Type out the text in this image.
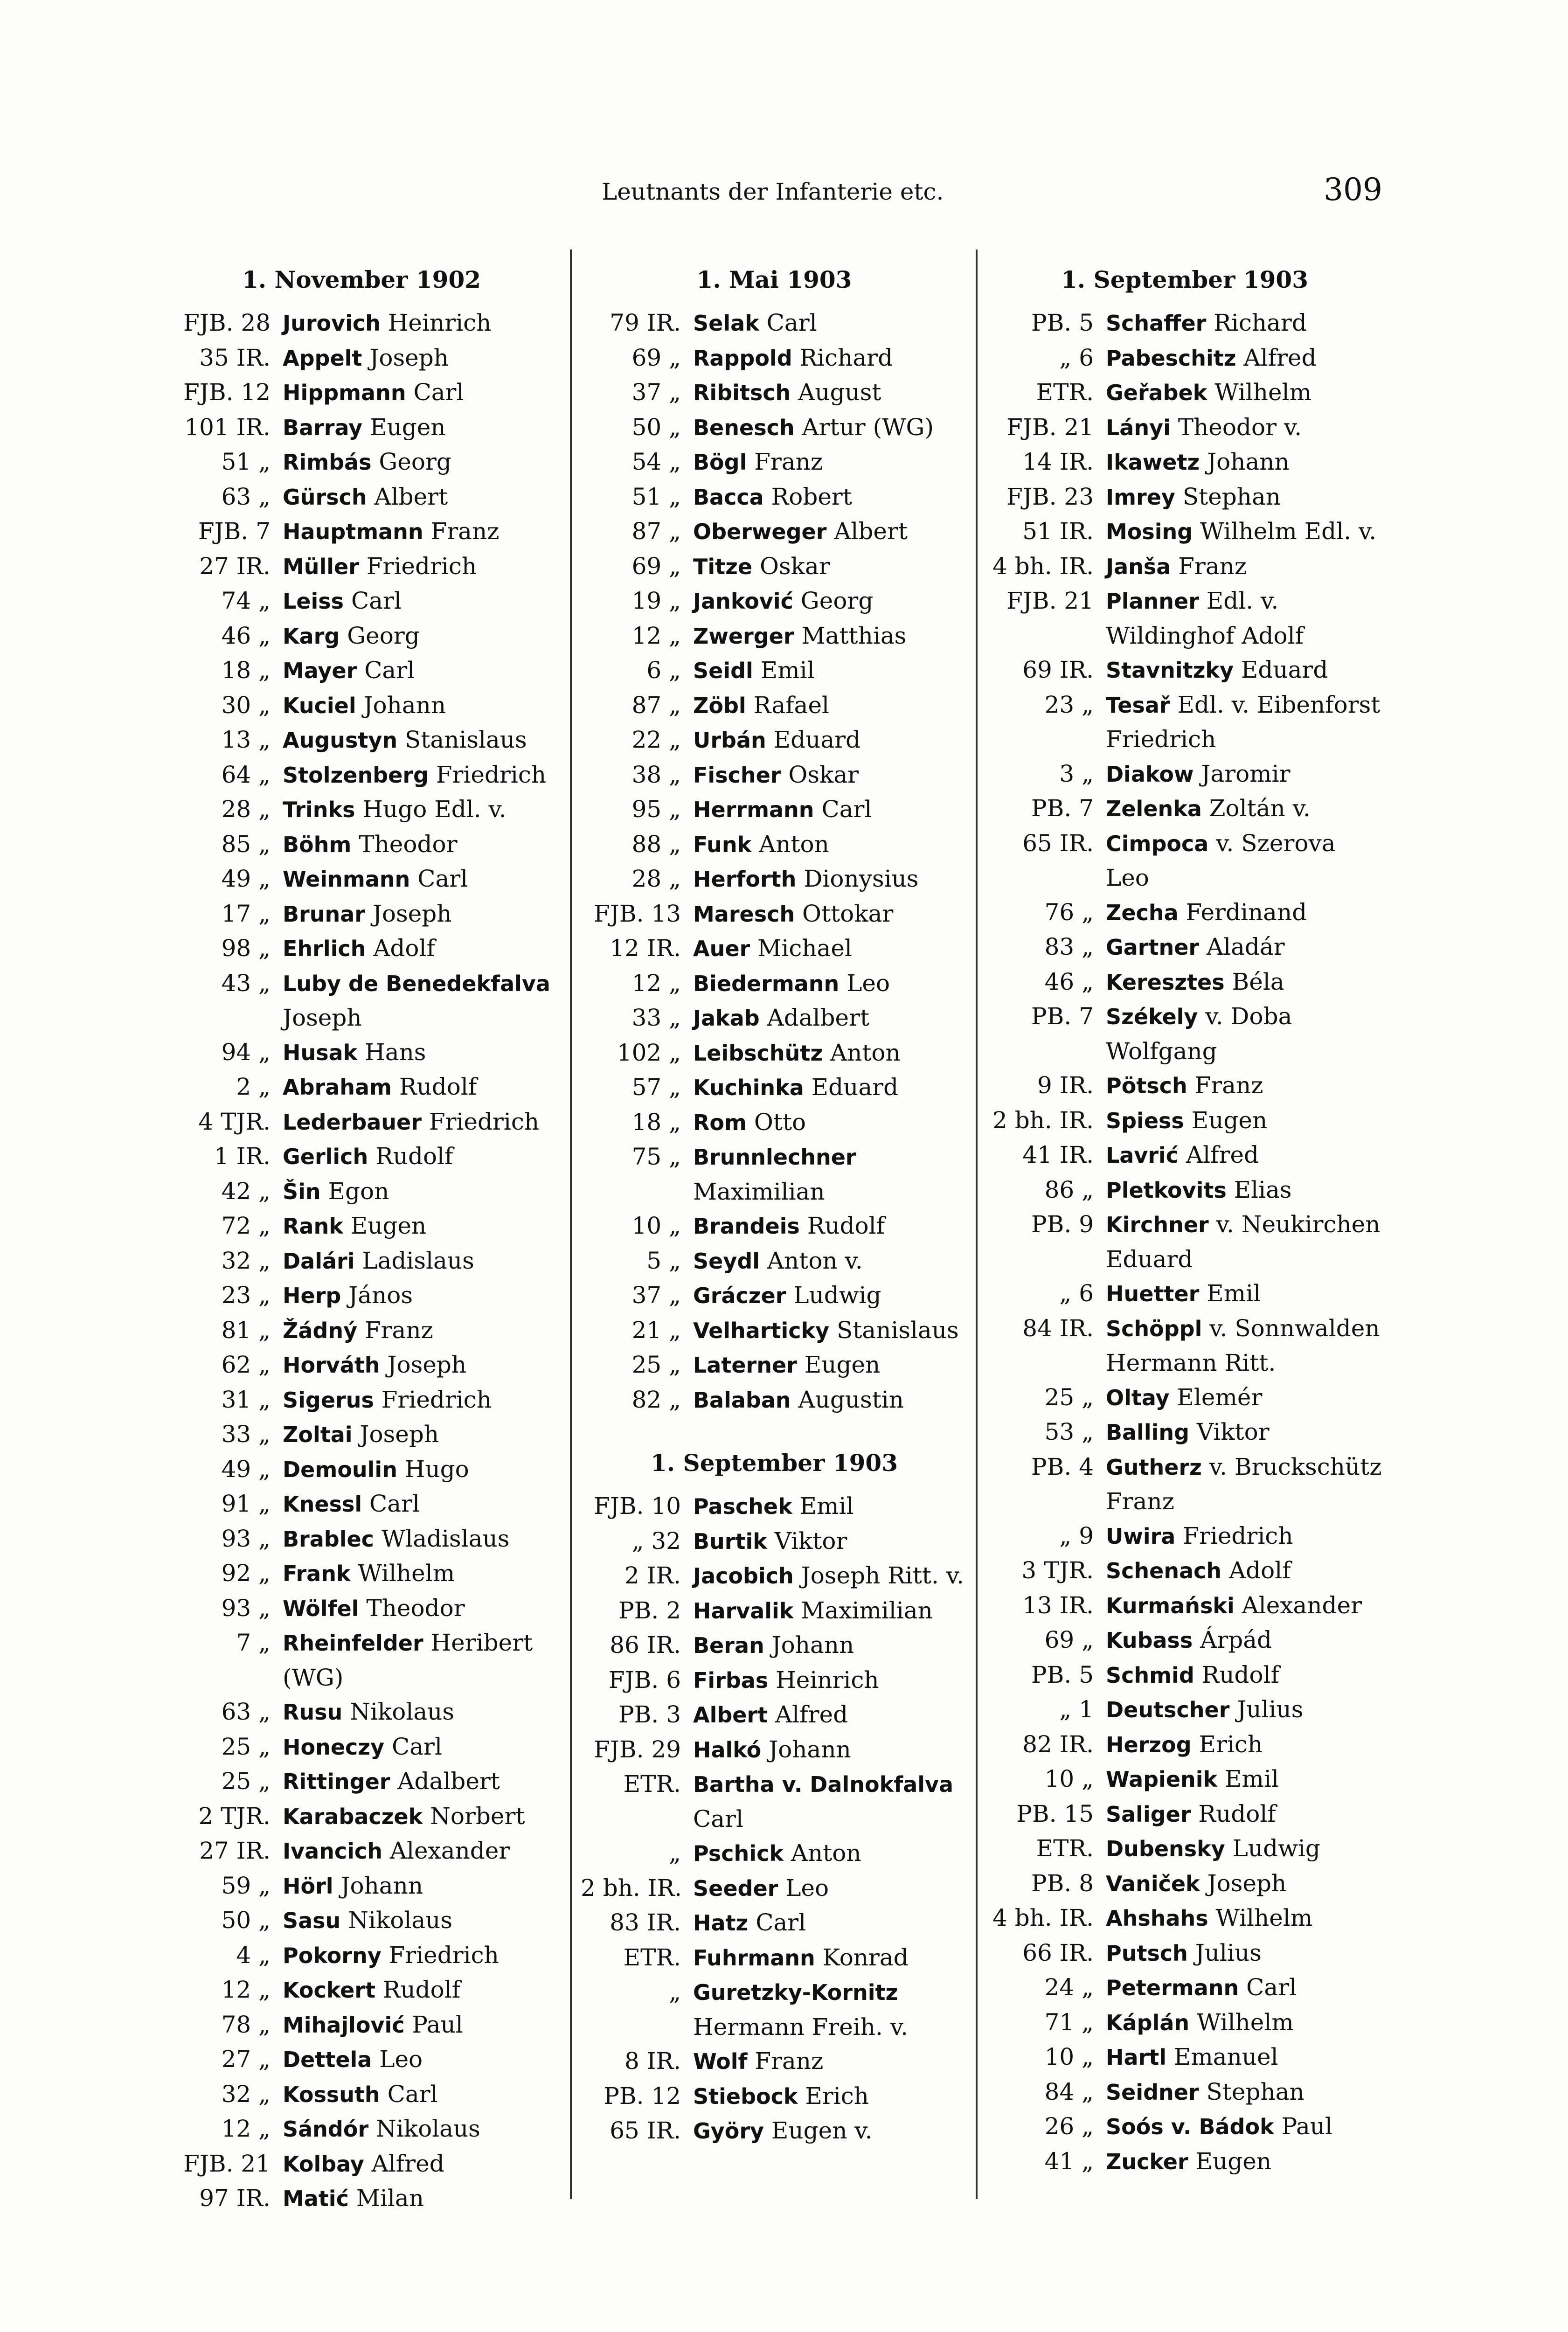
Leutnants der Infanterie etc.	309
1. November 1902
FJB. 28 Jurovich Heinrich
35 IR. Appelt Joseph
FJB. 12 Hippmann Carl
101 IR. Barray Eugen
51 „ Rimbás Georg
63 „ Gürsch Albert
FJB. 7 Hauptmann Franz
27 IR. Müller Friedrich
74 „ Leiss Carl
46 „ Karg Georg
18 „ Mayer Carl
30 „ Kuciel Johann
13 „ Augustyn Stanislaus
64 „ Stolzenberg Friedrich
28 „ Trinks Hugo Edl. v.
85 „ Böhm Theodor
49 „ Weinmann Carl
17 „ Brunar Joseph
98 „ Ehrlich Adolf
43 „ Luby de Benedekfalva Joseph
94 „ Husak Hans
2 „ Abraham Rudolf
4 TJR. Lederbauer Friedrich
1 IR. Gerlich Rudolf
42 „ Šin Egon
72 „ Rank Eugen
32 „ Dalári Ladislaus
23 „ Herp János
81 „ Žádný Franz
62 „ Horváth Joseph
31 „ Sigerus Friedrich
33 „ Zoltai Joseph
49 „ Demoulin Hugo
91 „ Knessl Carl
93 „ Brablec Wladislaus
92 „ Frank Wilhelm
93 „ Wölfel Theodor
7 „ Rheinfelder Heribert (WG)
63 „ Rusu Nikolaus
25 „ Honeczy Carl
25 „ Rittinger Adalbert
2 TJR. Karabaczek Norbert
27 IR. Ivancich Alexander
59 „ Hörl Johann
50 „ Sasu Nikolaus
4 „ Pokorny Friedrich
12 „ Kockert Rudolf
78 „ Mihajlović Paul
27 „ Dettela Leo
32 „ Kossuth Carl
12 „ Sándór Nikolaus
FJB. 21 Kolbay Alfred
97 IR. Matić Milan
1. Mai 1903
79 IR. Selak Carl
69 „ Rappold Richard
37 „ Ribitsch August
50 „ Benesch Artur (WG)
54 „ Bögl Franz
51 „ Bacca Robert
87 „ Oberweger Albert
69 „ Titze Oskar
19 „ Janković Georg
12 „ Zwerger Matthias
6 „ Seidl Emil
87 „ Zöbl Rafael
22 „ Urbán Eduard
38 „ Fischer Oskar
95 „ Herrmann Carl
88 „ Funk Anton
28 „ Herforth Dionysius
FJB. 13 Maresch Ottokar
12 IR. Auer Michael
12 „ Biedermann Leo
33 „ Jakab Adalbert
102 „ Leibschütz Anton
57 „ Kuchinka Eduard
18 „ Rom Otto
75 „ Brunnlechner Maximilian
10 „ Brandeis Rudolf
5 „ Seydl Anton v.
37 „ Gráczer Ludwig
21 „ Velharticky Stanislaus
25 „ Laterner Eugen
82 „ Balaban Augustin
1. September 1903
FJB. 10 Paschek Emil
„ 32 Burtik Viktor
2 IR. Jacobich Joseph Ritt. v.
PB. 2 Harvalik Maximilian
86 IR. Beran Johann
FJB. 6 Firbas Heinrich
PB. 3 Albert Alfred
FJB. 29 Halkó Johann
ETR. Bartha v. Dalnokfalva Carl
„ Pschick Anton
2 bh. IR. Seeder Leo
83 IR. Hatz Carl
ETR. Fuhrmann Konrad
„ Guretzky-Kornitz Hermann Freih. v.
8 IR. Wolf Franz
PB. 12 Stiebock Erich
65 IR. Györy Eugen v.
1. September 1903
PB. 5 Schaffer Richard
„ 6 Pabeschitz Alfred
ETR. Geřabek Wilhelm
FJB. 21 Lányi Theodor v.
14 IR. Ikawetz Johann
FJB. 23 Imrey Stephan
51 IR. Mosing Wilhelm Edl. v.
4 bh. IR. Janša Franz
FJB. 21 Planner Edl. v. Wildinghof Adolf
69 IR. Stavnitzky Eduard
23 „ Tesař Edl. v. Eibenforst Friedrich
3 „ Diakow Jaromir
PB. 7 Zelenka Zoltán v.
65 IR. Cimpoca v. Szerova Leo
76 „ Zecha Ferdinand
83 „ Gartner Aladár
46 „ Keresztes Béla
PB. 7 Székely v. Doba Wolfgang
9 IR. Pötsch Franz
2 bh. IR. Spiess Eugen
41 IR. Lavrić Alfred
86 „ Pletkovits Elias
PB. 9 Kirchner v. Neukirchen Eduard
„ 6 Huetter Emil
84 IR. Schöppl v. Sonnwalden Hermann Ritt.
25 „ Oltay Elemér
53 „ Balling Viktor
PB. 4 Gutherz v. Bruckschütz Franz
„ 9 Uwira Friedrich
3 TJR. Schenach Adolf
13 IR. Kurmański Alexander
69 „ Kubass Árpád
PB. 5 Schmid Rudolf
„ 1 Deutscher Julius
82 IR. Herzog Erich
10 „ Wapienik Emil
PB. 15 Saliger Rudolf
ETR. Dubensky Ludwig
PB. 8 Vaniček Joseph
4 bh. IR. Ahshahs Wilhelm
66 IR. Putsch Julius
24 „ Petermann Carl
71 „ Káplán Wilhelm
10 „ Hartl Emanuel
84 „ Seidner Stephan
26 „ Soós v. Bádok Paul
41 „ Zucker Eugen
